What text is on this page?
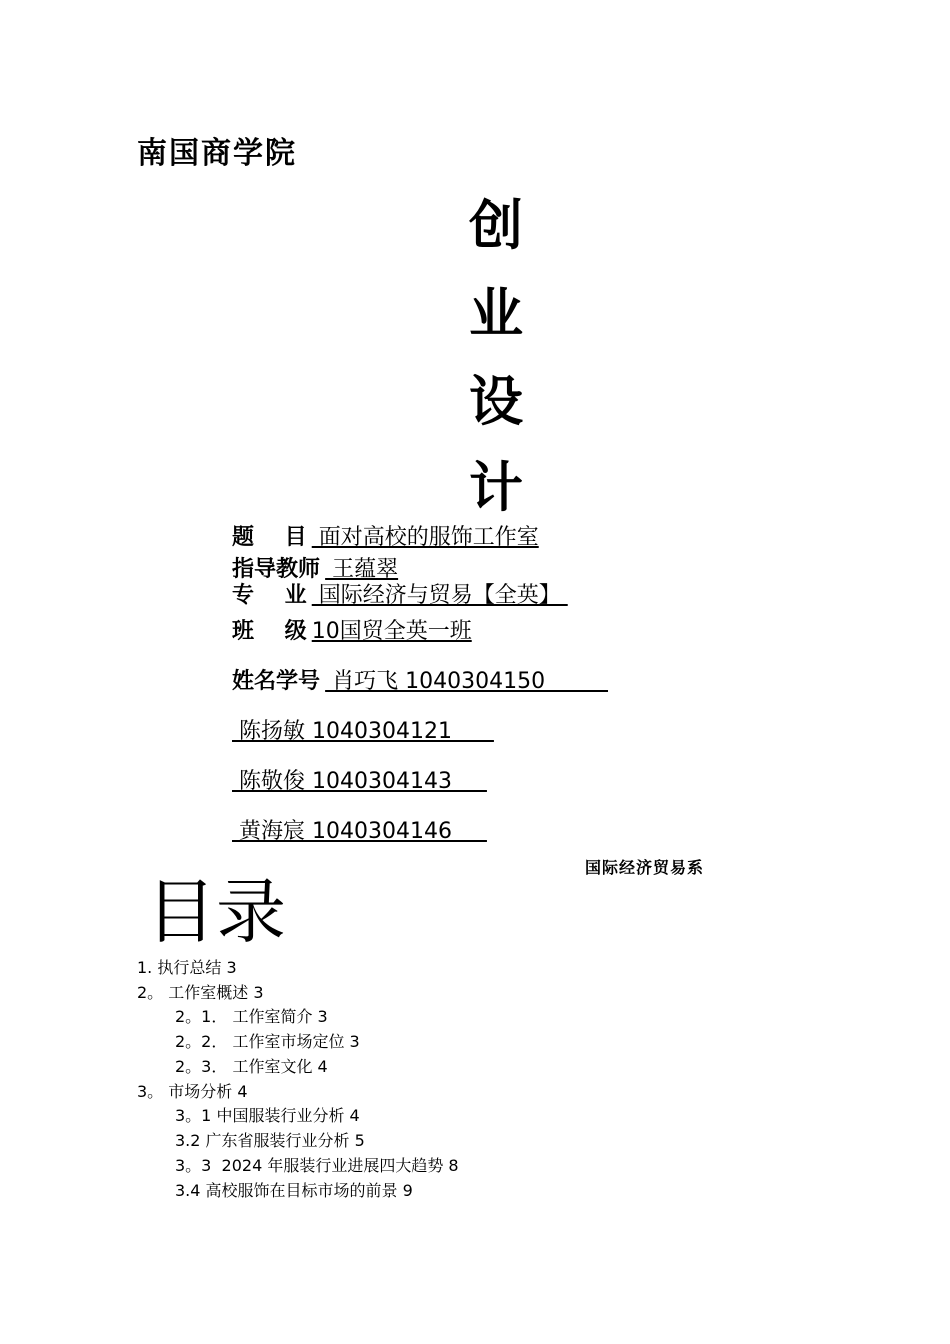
南国商学院
创
业
设
计
题    目  面对高校的服饰工作室
指导教师  王蕴翠
专    业  国际经济与贸易【全英】
班    级 10国贸全英一班
姓名学号  肖巧飞 1040304150
陈扬敏 1040304121
陈敬俊 1040304143
黄海宸 1040304146
国际经济贸易系
目录
1. 执行总结 3
2。 工作室概述 3
2。1． 工作室简介 3
2。2． 工作室市场定位 3
2。3． 工作室文化 4
3。 市场分析 4
3。1 中国服装行业分析 4
3.2 广东省服装行业分析 5
3。3  2024 年服装行业进展四大趋势 8
3.4 高校服饰在目标市场的前景 9
